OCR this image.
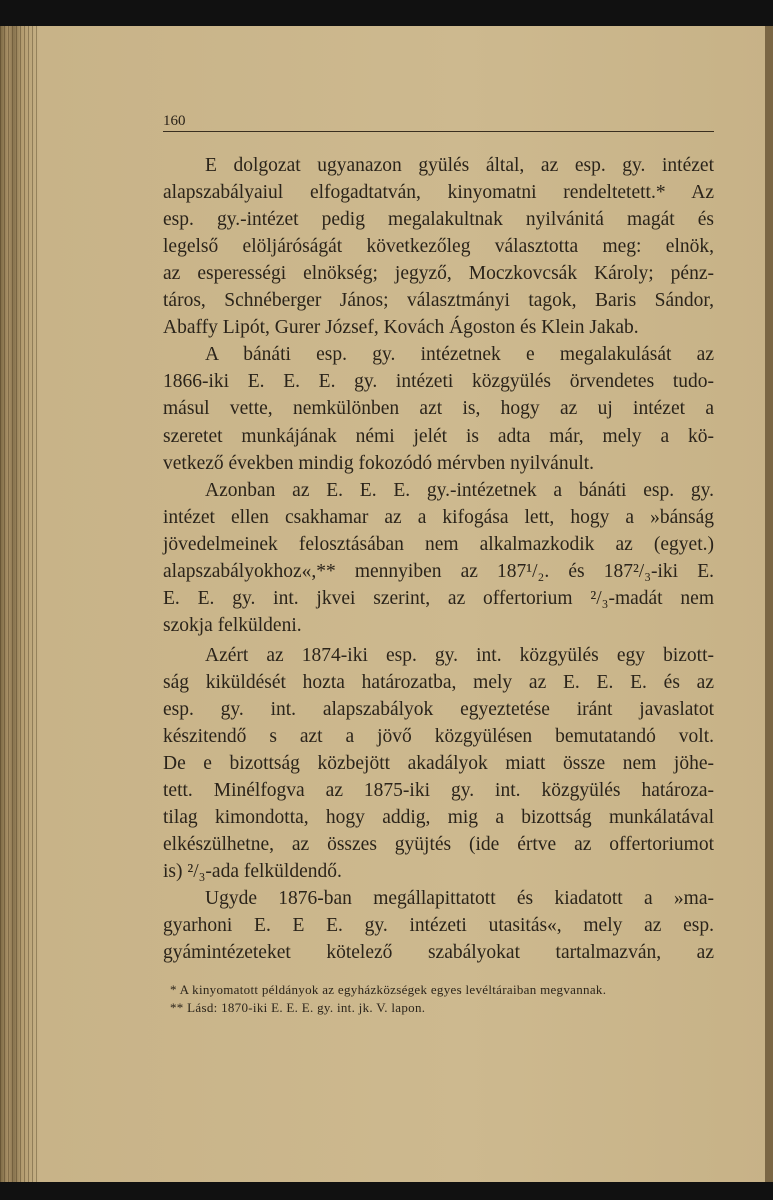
160
E dolgozat ugyanazon gyülés által, az esp. gy. intézet
alapszabályaiul elfogadtatván, kinyomatni rendeltetett.* Az
esp. gy.-intézet pedig megalakultnak nyilvánitá magát és
legelső elöljáróságát következőleg választotta meg: elnök,
az esperességi elnökség; jegyző, Moczkovcsák Károly; pénz-
táros, Schnéberger János; választmányi tagok, Baris Sándor,
Abaffy Lipót, Gurer József, Kovách Ágoston és Klein Jakab.
A bánáti esp. gy. intézetnek e megalakulását az
1866-iki E. E. E. gy. intézeti közgyülés örvendetes tudo-
másul vette, nemkülönben azt is, hogy az uj intézet a
szeretet munkájának némi jelét is adta már, mely a kö-
vetkező években mindig fokozódó mérvben nyilvánult.
Azonban az E. E. E. gy.-intézetnek a bánáti esp. gy.
intézet ellen csakhamar az a kifogása lett, hogy a »bánság
jövedelmeinek felosztásában nem alkalmazkodik az (egyet.)
alapszabályokhoz«,** mennyiben az 187¹/₂. és 187²/₃-iki E.
E. E. gy. int. jkvei szerint, az offertorium ²/₃-madát nem
szokja felküldeni.
Azért az 1874-iki esp. gy. int. közgyülés egy bizott-
ság kiküldését hozta határozatba, mely az E. E. E. és az
esp. gy. int. alapszabályok egyeztetése iránt javaslatot
készitendő s azt a jövő közgyülésen bemutatandó volt.
De e bizottság közbejött akadályok miatt össze nem jöhe-
tett. Minélfogva az 1875-iki gy. int. közgyülés határoza-
tilag kimondotta, hogy addig, mig a bizottság munkálatával
elkészülhetne, az összes gyüjtés (ide értve az offertoriumot
is) ²/₃-ada felküldendő.
Ugyde 1876-ban megállapittatott és kiadatott a »ma-
gyarhoni E. E E. gy. intézeti utasitás«, mely az esp.
gyámintézeteket kötelező szabályokat tartalmazván, az
* A kinyomatott példányok az egyházközségek egyes levéltáraiban megvannak.
** Lásd: 1870-iki E. E. E. gy. int. jk. V. lapon.
